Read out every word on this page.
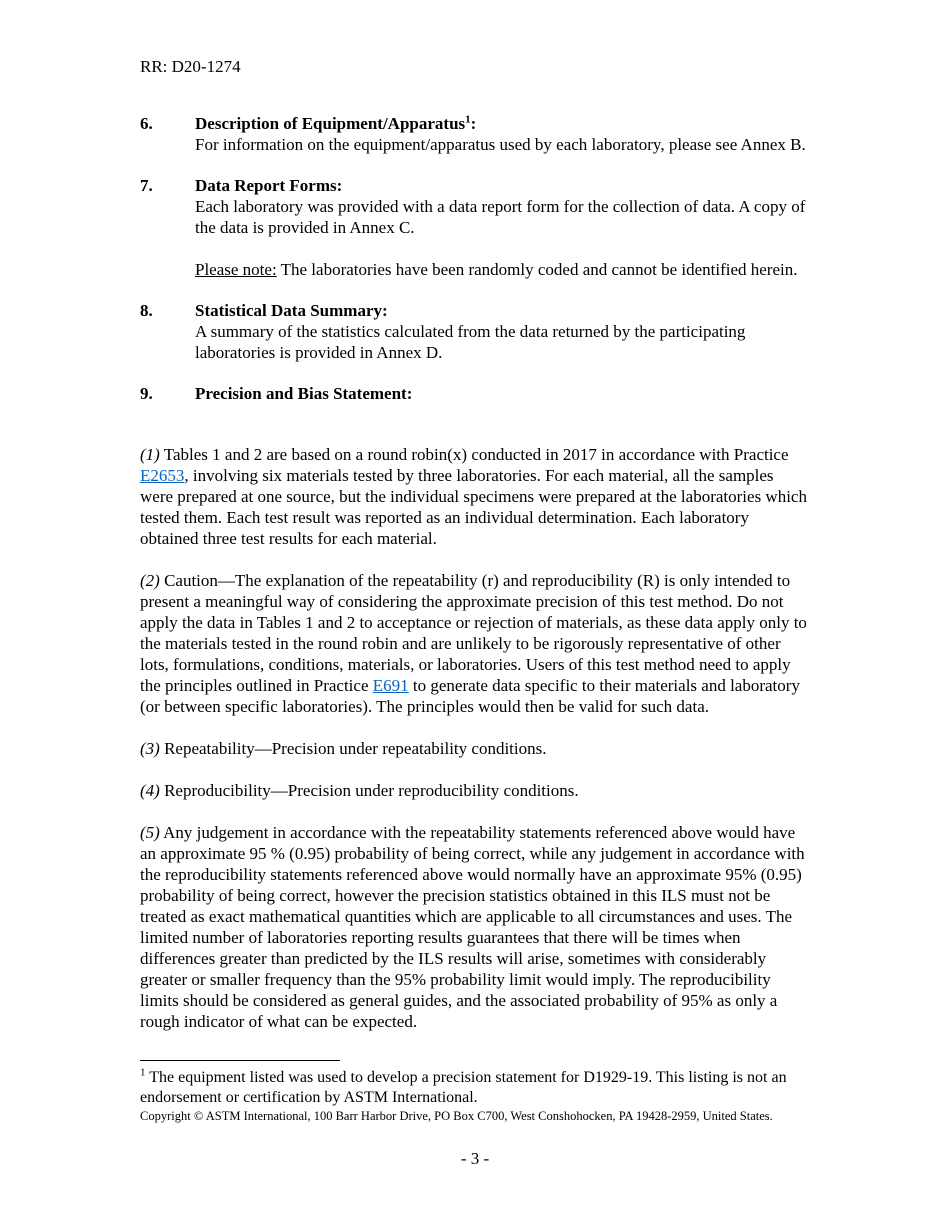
RR: D20-1274
6.	Description of Equipment/Apparatus$^1$:
For information on the equipment/apparatus used by each laboratory, please see Annex B.
7.	Data Report Forms:
Each laboratory was provided with a data report form for the collection of data. A copy of the data is provided in Annex C.
Please note: The laboratories have been randomly coded and cannot be identified herein.
8.	Statistical Data Summary:
A summary of the statistics calculated from the data returned by the participating laboratories is provided in Annex D.
9.	Precision and Bias Statement:

(1) Tables 1 and 2 are based on a round robin(x) conducted in 2017 in accordance with Practice E2653, involving six materials tested by three laboratories. For each material, all the samples were prepared at one source, but the individual specimens were prepared at the laboratories which tested them. Each test result was reported as an individual determination. Each laboratory obtained three test results for each material.

(2) Caution—The explanation of the repeatability (r) and reproducibility (R) is only intended to present a meaningful way of considering the approximate precision of this test method. Do not apply the data in Tables 1 and 2 to acceptance or rejection of materials, as these data apply only to the materials tested in the round robin and are unlikely to be rigorously representative of other lots, formulations, conditions, materials, or laboratories. Users of this test method need to apply the principles outlined in Practice E691 to generate data specific to their materials and laboratory (or between specific laboratories). The principles would then be valid for such data.

(3) Repeatability—Precision under repeatability conditions.

(4) Reproducibility—Precision under reproducibility conditions.

(5) Any judgement in accordance with the repeatability statements referenced above would have an approximate 95 % (0.95) probability of being correct, while any judgement in accordance with the reproducibility statements referenced above would normally have an approximate 95% (0.95) probability of being correct, however the precision statistics obtained in this ILS must not be treated as exact mathematical quantities which are applicable to all circumstances and uses. The limited number of laboratories reporting results guarantees that there will be times when differences greater than predicted by the ILS results will arise, sometimes with considerably greater or smaller frequency than the 95% probability limit would imply. The reproducibility limits should be considered as general guides, and the associated probability of 95% as only a rough indicator of what can be expected.

$^1$ The equipment listed was used to develop a precision statement for D1929-19. This listing is not an endorsement or certification by ASTM International.
Copyright © ASTM International, 100 Barr Harbor Drive, PO Box C700, West Conshohocken, PA 19428-2959, United States.
- 3 -
